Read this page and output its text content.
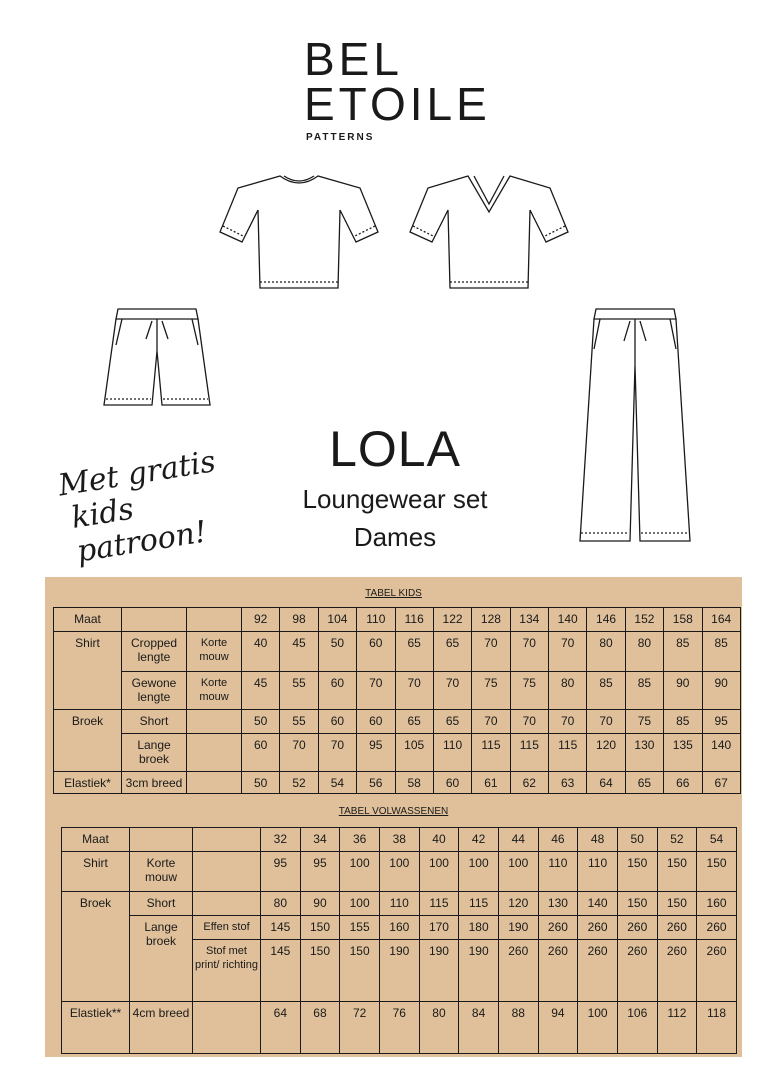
BEL
ETOILE
PATTERNS
LOLA
Loungewear set
Dames
Met gratis
kids patroon!
TABEL KIDS
Maat			92	98	104	110	116	122	128	134	140	146	152	158	164
Shirt	Cropped lengte	Korte mouw	40	45	50	60	65	65	70	70	70	80	80	85	85
	Gewone lengte	Korte mouw	45	55	60	70	70	70	75	75	80	85	85	90	90
Broek	Short		50	55	60	60	65	65	70	70	70	70	75	85	95
	Lange broek		60	70	70	95	105	110	115	115	115	120	130	135	140
Elastiek*	3cm breed		50	52	54	56	58	60	61	62	63	64	65	66	67
TABEL VOLWASSENEN
Maat			32	34	36	38	40	42	44	46	48	50	52	54
Shirt	Korte mouw		95	95	100	100	100	100	100	110	110	150	150	150
Broek	Short		80	90	100	110	115	115	120	130	140	150	150	160
	Lange broek	Effen stof	145	150	155	160	170	180	190	260	260	260	260	260
		Stof met print/ richting	145	150	150	190	190	190	260	260	260	260	260	260
Elastiek**	4cm breed		64	68	72	76	80	84	88	94	100	106	112	118
